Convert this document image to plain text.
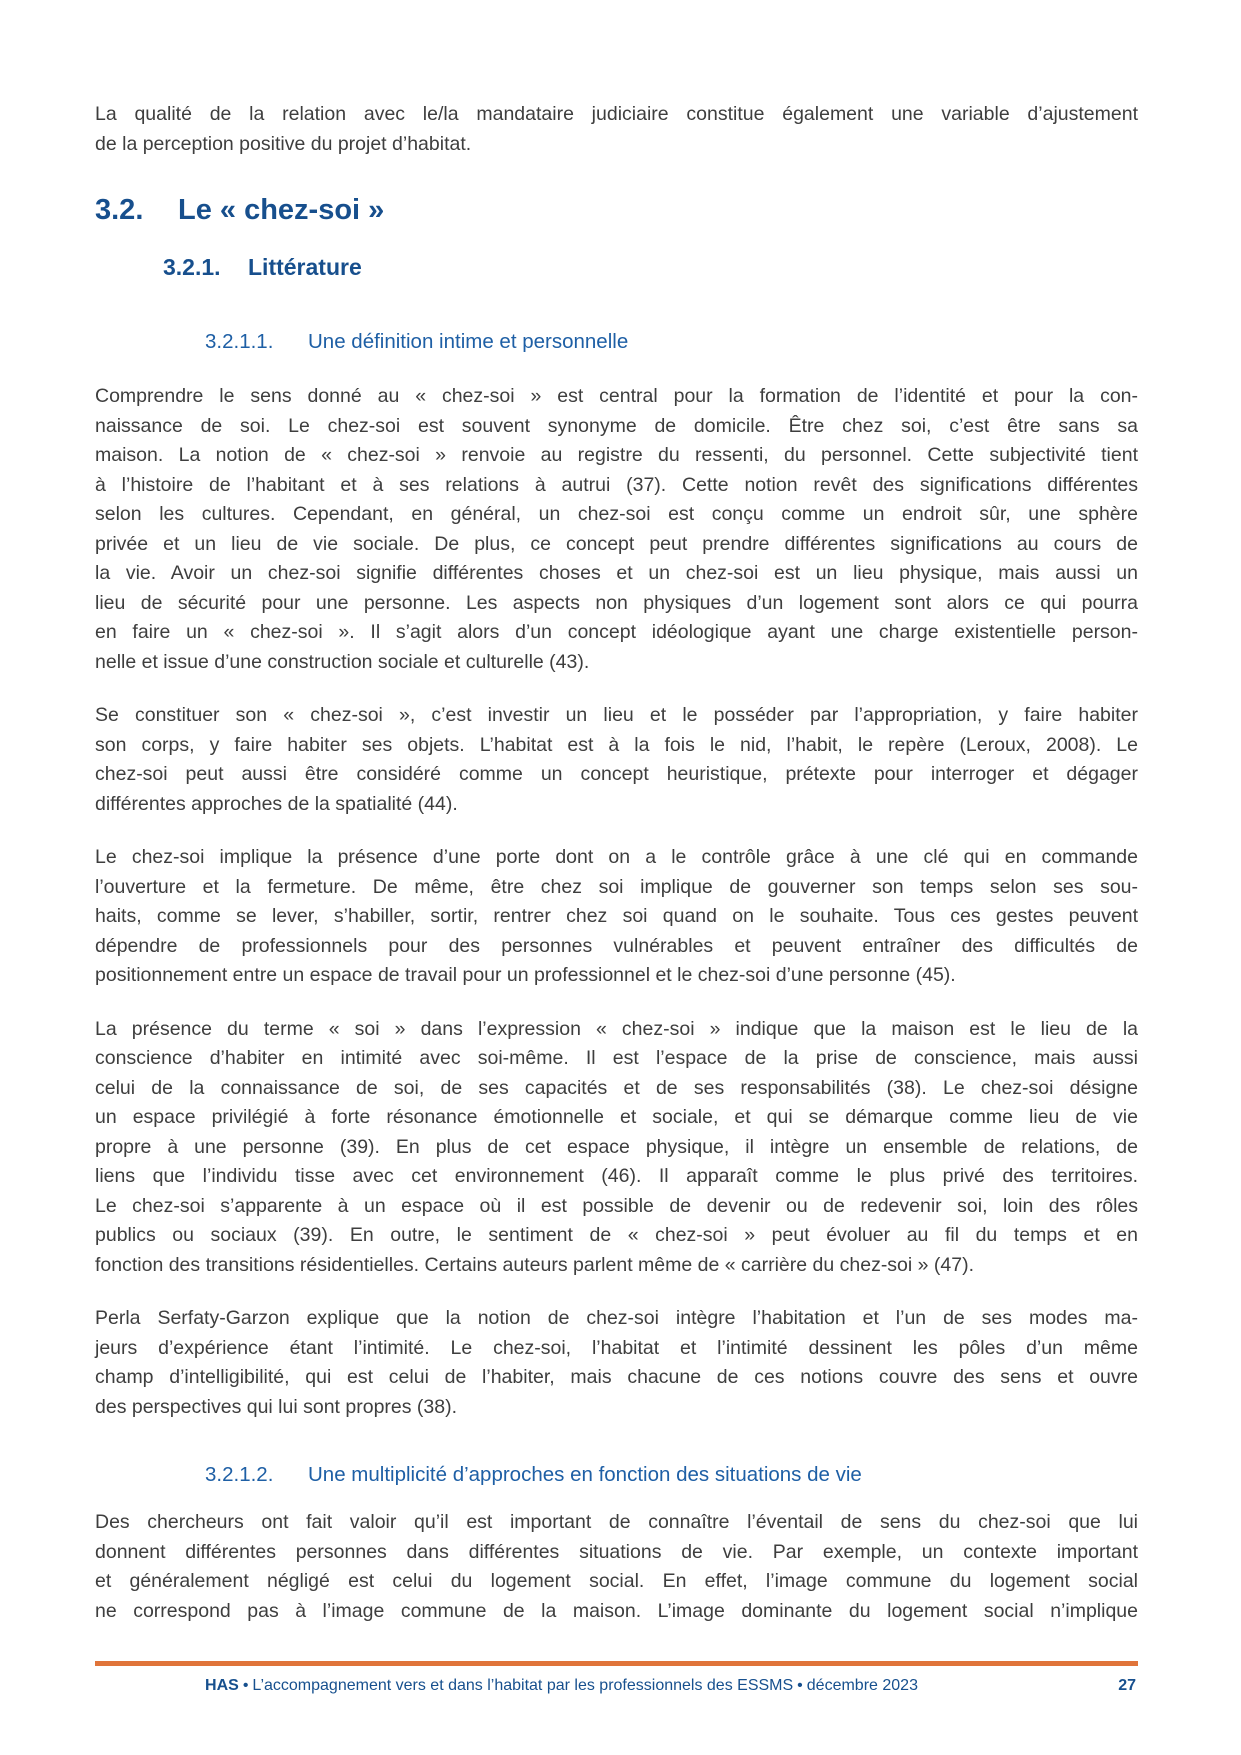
La qualité de la relation avec le/la mandataire judiciaire constitue également une variable d’ajustement
de la perception positive du projet d’habitat.
3.2.	Le « chez-soi »
3.2.1.	Littérature
3.2.1.1.	Une définition intime et personnelle
Comprendre le sens donné au « chez-soi » est central pour la formation de l’identité et pour la con-
naissance de soi. Le chez-soi est souvent synonyme de domicile. Être chez soi, c’est être sans sa
maison. La notion de « chez-soi » renvoie au registre du ressenti, du personnel. Cette subjectivité tient
à l’histoire de l’habitant et à ses relations à autrui (37). Cette notion revêt des significations différentes
selon les cultures. Cependant, en général, un chez-soi est conçu comme un endroit sûr, une sphère
privée et un lieu de vie sociale. De plus, ce concept peut prendre différentes significations au cours de
la vie. Avoir un chez-soi signifie différentes choses et un chez-soi est un lieu physique, mais aussi un
lieu de sécurité pour une personne. Les aspects non physiques d’un logement sont alors ce qui pourra
en faire un « chez-soi ». Il s’agit alors d’un concept idéologique ayant une charge existentielle person-
nelle et issue d’une construction sociale et culturelle (43).
Se constituer son « chez-soi », c’est investir un lieu et le posséder par l’appropriation, y faire habiter
son corps, y faire habiter ses objets. L’habitat est à la fois le nid, l’habit, le repère (Leroux, 2008). Le
chez-soi peut aussi être considéré comme un concept heuristique, prétexte pour interroger et dégager
différentes approches de la spatialité (44).
Le chez-soi implique la présence d’une porte dont on a le contrôle grâce à une clé qui en commande
l’ouverture et la fermeture. De même, être chez soi implique de gouverner son temps selon ses sou-
haits, comme se lever, s’habiller, sortir, rentrer chez soi quand on le souhaite. Tous ces gestes peuvent
dépendre de professionnels pour des personnes vulnérables et peuvent entraîner des difficultés de
positionnement entre un espace de travail pour un professionnel et le chez-soi d’une personne (45).
La présence du terme « soi » dans l’expression « chez-soi » indique que la maison est le lieu de la
conscience d’habiter en intimité avec soi-même. Il est l’espace de la prise de conscience, mais aussi
celui de la connaissance de soi, de ses capacités et de ses responsabilités (38). Le chez-soi désigne
un espace privilégié à forte résonance émotionnelle et sociale, et qui se démarque comme lieu de vie
propre à une personne (39). En plus de cet espace physique, il intègre un ensemble de relations, de
liens que l’individu tisse avec cet environnement (46). Il apparaît comme le plus privé des territoires.
Le chez-soi s’apparente à un espace où il est possible de devenir ou de redevenir soi, loin des rôles
publics ou sociaux (39). En outre, le sentiment de « chez-soi » peut évoluer au fil du temps et en
fonction des transitions résidentielles. Certains auteurs parlent même de « carrière du chez-soi » (47).
Perla Serfaty-Garzon explique que la notion de chez-soi intègre l’habitation et l’un de ses modes ma-
jeurs d’expérience étant l’intimité. Le chez-soi, l’habitat et l’intimité dessinent les pôles d’un même
champ d’intelligibilité, qui est celui de l’habiter, mais chacune de ces notions couvre des sens et ouvre
des perspectives qui lui sont propres (38).
3.2.1.2.	Une multiplicité d’approches en fonction des situations de vie
Des chercheurs ont fait valoir qu’il est important de connaître l’éventail de sens du chez-soi que lui
donnent différentes personnes dans différentes situations de vie. Par exemple, un contexte important
et généralement négligé est celui du logement social. En effet, l’image commune du logement social
ne correspond pas à l’image commune de la maison. L’image dominante du logement social n’implique
HAS • L’accompagnement vers et dans l’habitat par les professionnels des ESSMS • décembre 2023	27
